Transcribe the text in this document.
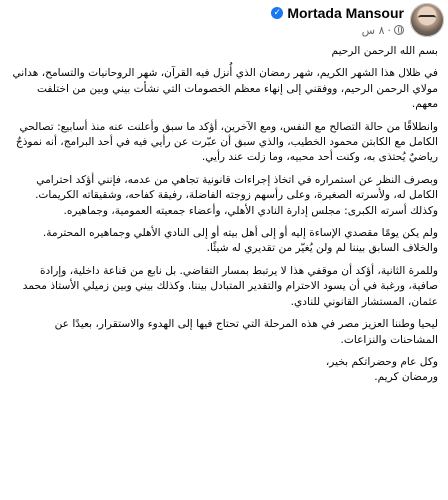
Mortada Mansour
✓
٨ س ·

بسم الله الرحمن الرحيم

في ظلال هذا الشهر الكريم، شهر رمضان الذي أُنزل فيه القرآن، شهر الروحانيات والتسامح، هداني مولاي الرحمن الرحيم، ووفقني إلى إنهاء معظم الخصومات التي نشأت بيني وبين من اختلفت معهم.

وانطلاقًا من حالة التصالح مع النفس، ومع الآخرين، أؤكد ما سبق وأعلنت عنه منذ أسابيع: تصالحي الكامل مع الكابتن محمود الخطيب، والذي سبق أن عبّرت عن رأيي فيه في أحد البرامج، أنه نموذجٌ رياضيٌ يُحتذى به، وكنت أحد محبيه، وما زلت عند رأيي.

وبصرف النظر عن استمراره في اتخاذ إجراءات قانونية تجاهي من عدمه، فإنني أؤكد احترامي الكامل له، ولأسرته الصغيرة، وعلى رأسهم زوجته الفاضلة، رفيقة كفاحه، وشقيقاته الكريمات. وكذلك أسرته الكبرى: مجلس إدارة النادي الأهلي، وأعضاء جمعيته العمومية، وجماهيره.

ولم يكن يومًا مقصدي الإساءة إليه أو إلى أهل بيته أو إلى النادي الأهلي وجماهيره المحترمة.
والخلاف السابق بيننا لم ولن يُغيّر من تقديري له شيئًا.

وللمرة الثانية، أؤكد أن موقفي هذا لا يرتبط بمسار التقاضي. بل نابع من قناعة داخلية، وإرادة صافية، ورغبة في أن يسود الاحترام والتقدير المتبادل بيننا. وكذلك بيني وبين زميلي الأستاذ محمد عثمان، المستشار القانوني للنادي.

ليحيا وطننا العزيز مصر في هذه المرحلة التي تحتاج فيها إلى الهدوء والاستقرار، بعيدًا عن المشاحنات والنزاعات.

وكل عام وحضراتكم بخير،
ورمضان كريم.
